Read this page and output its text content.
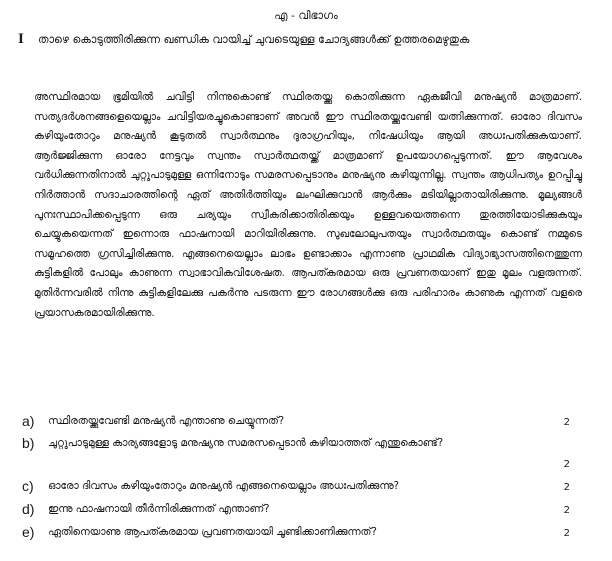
എ - വിഭാഗം
I താഴെ കൊടുത്തിരിക്കുന്ന ഖണ്ഡിക വായിച്ച് ചുവടെയുള്ള ചോദ്യങ്ങൾക്ക് ഉത്തരമെഴുതുക
അസ്ഥിരമായ ഭൂമിയിൽ ചവിട്ടി നിന്നുകൊണ്ട് സ്ഥിരതയ്ക്കു കൊതിക്കുന്ന ഏകജീവി മനുഷ്യൻ മാത്രമാണ്. സത്യദർശനങ്ങളെയെല്ലാം ചവിട്ടിയരച്ചുകൊണ്ടാണ് അവൻ ഈ സ്ഥിരതയ്ക്കുവേണ്ടി യത്നിക്കുന്നത്. ഓരോ ദിവസം കഴിയുംതോറും മനുഷ്യൻ കൂടുതൽ സ്വാർത്ഥനും ദുരാഗ്രഹിയും, നിഷേധിയും ആയി അധഃപതിക്കുകയാണ്. ആർജ്ജിക്കുന്ന ഓരോ നേട്ടവും സ്വന്തം സ്വാർത്ഥതയ്ക്ക് മാത്രമാണ് ഉപയോഗപ്പെടുന്നത്. ഈ ആവേശം വർധിക്കുന്നതിനാൽ ചുറ്റുപാടുമുള്ള ഒന്നിനോടും സമരസപ്പെടാനും മനുഷ്യനു കഴിയുന്നില്ല. സ്വന്തം ആധിപത്യം ഉറപ്പിച്ചു നിർത്താൻ സദാചാരത്തിന്റെ ഏത് അതിർത്തിയും ലംഘിക്കുവാൻ ആർക്കും മടിയില്ലാതായിരിക്കുന്നു. മൂല്യങ്ങൾ പുനഃസ്ഥാപിക്കപ്പെടുന്ന ഒരു ചര്യയും സ്വീകരിക്കാതിരിക്കയും ഉള്ളവയെത്തന്നെ തുരത്തിയോടിക്കുകയും ചെയ്യുകയെന്നത് ഇന്നൊരു ഫാഷനായി മാറിയിരിക്കുന്നു. സുഖലോലുപതയും സ്വാർത്ഥതയും കൊണ്ട് നമ്മുടെ സമൂഹത്തെ ഗ്രസിച്ചിരിക്കുന്നു. എങ്ങനെയെല്ലാം ലാഭം ഉണ്ടാക്കാം എന്നാണു പ്രാഥമിക വിദ്യാഭ്യാസത്തിനെത്തുന്ന കുട്ടികളിൽ പോലും കാണുന്ന സ്വാഭാവികവിശേഷത. ആപത്കരമായ ഒരു പ്രവണതയാണ് ഇതു മൂലം വളരുന്നത്. മുതിർന്നവരിൽ നിന്നു കുട്ടികളിലേക്കു പകർന്നു പടരുന്ന ഈ രോഗങ്ങൾക്കു ഒരു പരിഹാരം കാണുക എന്നത് വളരെ പ്രയാസകരമായിരിക്കുന്നു.
a) സ്ഥിരതയ്ക്കുവേണ്ടി മനുഷ്യൻ എന്താണു ചെയ്യുന്നത്?	2
b) ചുറ്റുപാടുമുള്ള കാര്യങ്ങളോടു മനുഷ്യനു സമരസപ്പെടാൻ കഴിയാത്തത് എന്തുകൊണ്ട്?
2
c) ഓരോ ദിവസം കഴിയുംതോറും മനുഷ്യൻ എങ്ങനെയെല്ലാം അധഃപതിക്കുന്നു?	2
d) ഇന്നു ഫാഷനായി തീർന്നിരിക്കുന്നത് എന്താണ്?	2
e) ഏതിനെയാണു ആപത്കരമായ പ്രവണതയായി ചൂണ്ടിക്കാണിക്കുന്നത്?	2
